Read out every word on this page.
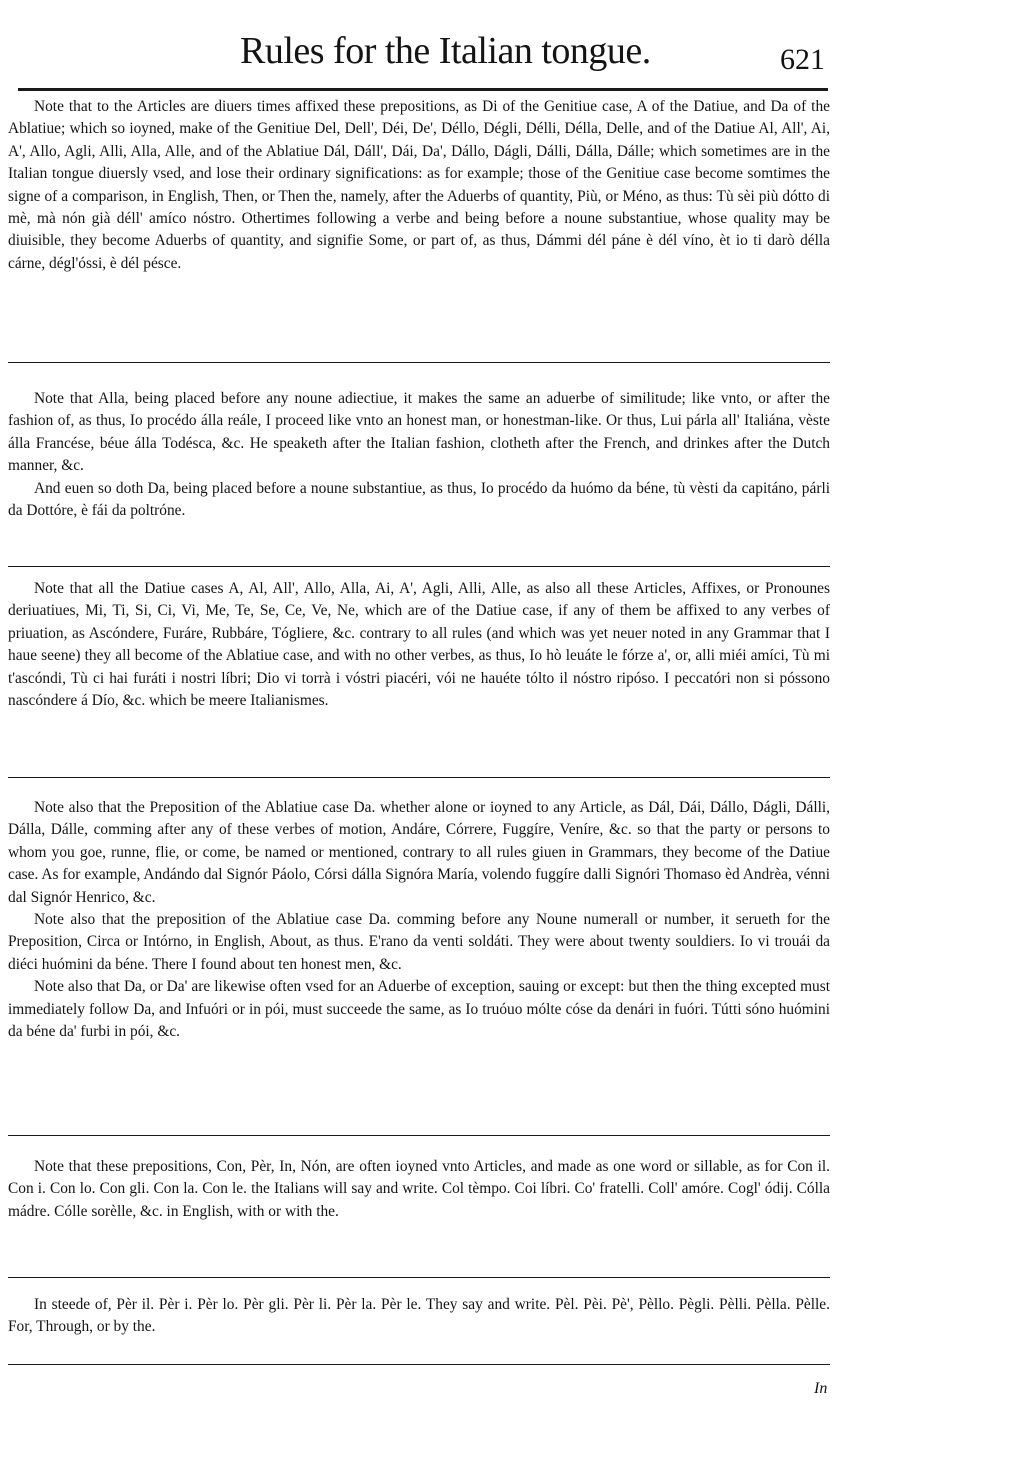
Rules for the Italian tongue.	621

Note that to the Articles are diuers times affixed these prepositions, as Di of the Genitiue case, A of the Datiue, and Da of the Ablatiue; which so ioyned, make of the Genitiue Del, Dell', Déi, De', Déllo, Dégli, Délli, Délla, Delle, and of the Datiue Al, All', Ai, A', Allo, Agli, Alli, Alla, Alle, and of the Ablatiue Dál, Dáll', Dái, Da', Dállo, Dágli, Dálli, Dálla, Dálle; which sometimes are in the Italian tongue diuersly vsed, and lose their ordinary significations: as for example; those of the Genitiue case become somtimes the signe of a comparison, in English, Then, or Then the, namely, after the Aduerbs of quantity, Più, or Méno, as thus: Tù sèi più dótto di mè, mà nón già déll' amíco nóstro. Othertimes following a verbe and being before a noune substantiue, whose quality may be diuisible, they become Aduerbs of quantity, and signifie Some, or part of, as thus, Dámmi dél páne è dél víno, èt io ti darò délla cárne, dégl'óssi, è dél pésce.

Note that Alla, being placed before any noune adiectiue, it makes the same an aduerbe of similitude; like vnto, or after the fashion of, as thus, Io procédo álla reále, I proceed like vnto an honest man, or honestman-like. Or thus, Lui párla all' Italiána, vèste álla Francése, béue álla Todésca, &c. He speaketh after the Italian fashion, clotheth after the French, and drinkes after the Dutch manner, &c.

And euen so doth Da, being placed before a noune substantiue, as thus, Io procédo da huómo da béne, tù vèsti da capitáno, párli da Dottóre, è fái da poltróne.

Note that all the Datiue cases A, Al, All', Allo, Alla, Ai, A', Agli, Alli, Alle, as also all these Articles, Affixes, or Pronounes deriuatiues, Mi, Ti, Si, Ci, Vi, Me, Te, Se, Ce, Ve, Ne, which are of the Datiue case, if any of them be affixed to any verbes of priuation, as Ascóndere, Furáre, Rubbáre, Tógliere, &c. contrary to all rules (and which was yet neuer noted in any Grammar that I haue seene) they all become of the Ablatiue case, and with no other verbes, as thus, Io hò leuáte le fórze a', or, alli miéi amíci, Tù mi t'ascóndi, Tù ci hai furáti i nostri líbri; Dio vi torrà i vóstri piacéri, vói ne hauéte tólto il nóstro ripóso. I peccatóri non si póssono nascóndere á Dío, &c. which be meere Italianismes.

Note also that the Preposition of the Ablatiue case Da. whether alone or ioyned to any Article, as Dál, Dái, Dállo, Dágli, Dálli, Dálla, Dálle, comming after any of these verbes of motion, Andáre, Córrere, Fuggíre, Veníre, &c. so that the party or persons to whom you goe, runne, flie, or come, be named or mentioned, contrary to all rules giuen in Grammars, they become of the Datiue case. As for example, Andándo dal Signór Páolo, Córsi dálla Signóra María, volendo fuggíre dalli Signóri Thomaso èd Andrèa, vénni dal Signór Henrico, &c.

Note also that the preposition of the Ablatiue case Da. comming before any Noune numerall or number, it serueth for the Preposition, Circa or Intórno, in English, About, as thus. E'rano da venti soldáti. They were about twenty souldiers. Io vi trouái da diéci huómini da béne. There I found about ten honest men, &c.

Note also that Da, or Da' are likewise often vsed for an Aduerbe of exception, sauing or except: but then the thing excepted must immediately follow Da, and Infuóri or in pói, must succeede the same, as Io truóuo mólte cóse da denári in fuóri. Tútti sóno huómini da béne da' furbi in pói, &c.

Note that these prepositions, Con, Pèr, In, Nón, are often ioyned vnto Articles, and made as one word or sillable, as for Con il. Con i. Con lo. Con gli. Con la. Con le. the Italians will say and write. Col tèmpo. Coi líbri. Co' fratelli. Coll' amóre. Cogl' ódij. Cólla mádre. Cólle sorèlle, &c. in English, with or with the.

In steede of, Pèr il. Pèr i. Pèr lo. Pèr gli. Pèr li. Pèr la. Pèr le. They say and write. Pèl. Pèi. Pè', Pèllo. Pègli. Pèlli. Pèlla. Pèlle. For, Through, or by the.

In
